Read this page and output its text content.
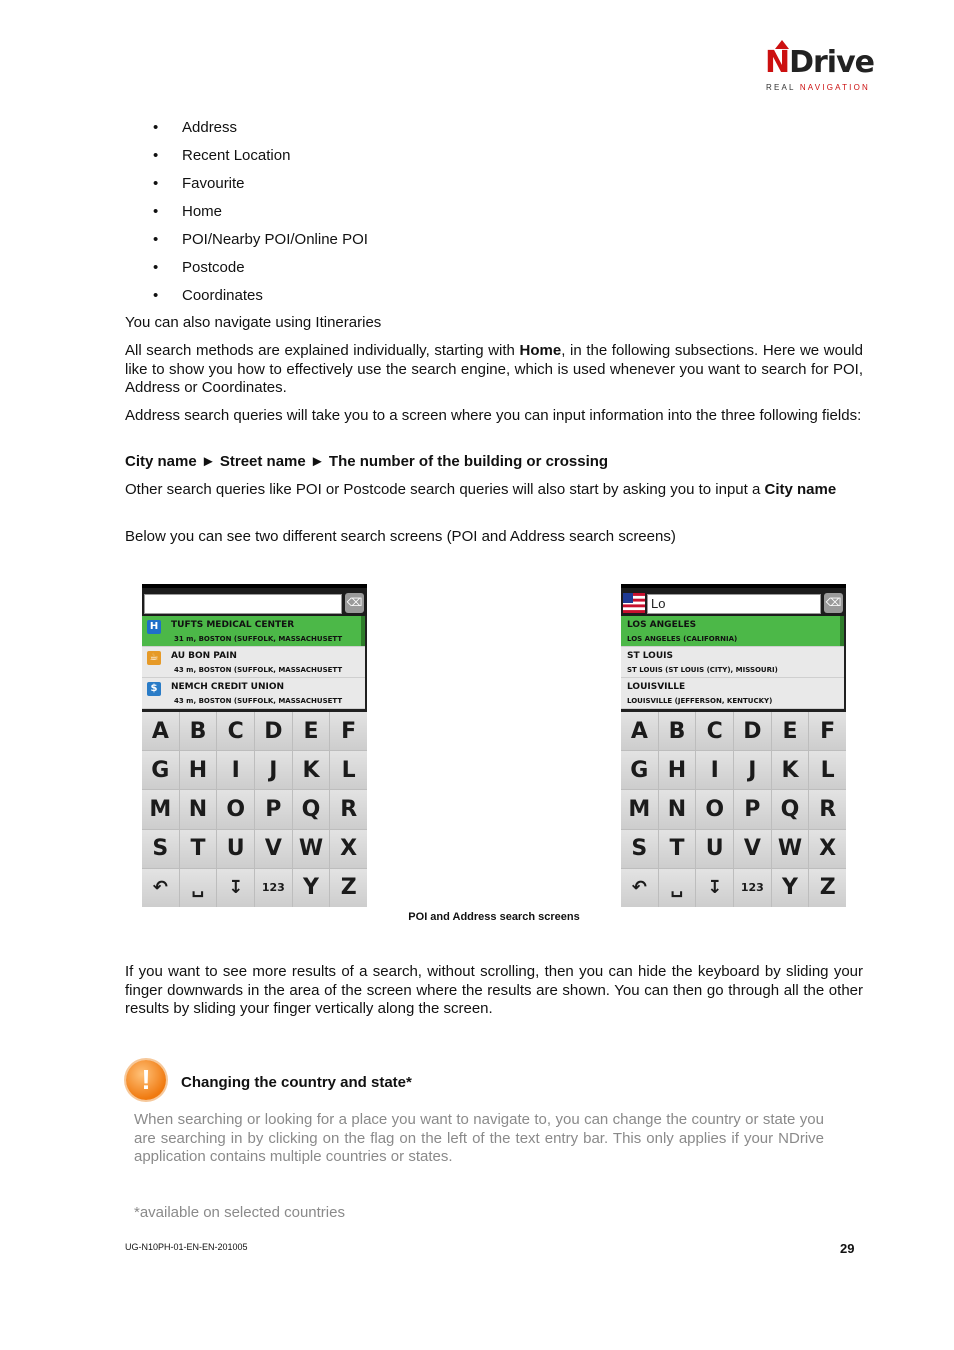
NDrive
REAL NAVIGATION
• Address
• Recent Location
• Favourite
• Home
• POI/Nearby POI/Online POI
• Postcode
• Coordinates

You can also navigate using Itineraries

All search methods are explained individually, starting with Home, in the following subsections. Here we would like to show you how to effectively use the search engine, which is used whenever you want to search for POI, Address or Coordinates.

Address search queries will take you to a screen where you can input information into the three following fields:

City name ► Street name ► The number of the building or crossing

Other search queries like POI or Postcode search queries will also start by asking you to input a City name

Below you can see two different search screens (POI and Address search screens)

⌫
H	TUFTS MEDICAL CENTER
31 m, BOSTON (SUFFOLK, MASSACHUSETT
☕ AU BON PAIN
43 m, BOSTON (SUFFOLK, MASSACHUSETT
$	NEMCH CREDIT UNION
43 m, BOSTON (SUFFOLK, MASSACHUSETT
A B C D E	F
G H	I	J	K	L
M N O P Q R
S	T U V W X
↶	␣	↧	123 Y Z
Lo	⌫
LOS ANGELES
LOS ANGELES (CALIFORNIA)
ST LOUIS
ST LOUIS (ST LOUIS (CITY), MISSOURI)
LOUISVILLE
LOUISVILLE (JEFFERSON, KENTUCKY)
A B C D E	F
G H	I	J	K	L
M N O P Q R
S	T U V W X
↶	␣	↧	123 Y Z
POI and Address search screens

If you want to see more results of a search, without scrolling, then you can hide the keyboard by sliding your finger downwards in the area of the screen where the results are shown. You can then go through all the other results by sliding your finger vertically along the screen.

!	Changing the country and state*

When searching or looking for a place you want to navigate to, you can change the country or state you are searching in by clicking on the flag on the left of the text entry bar. This only applies if your NDrive application contains multiple countries or states.

*available on selected countries
UG-N10PH-01-EN-EN-201005	29
